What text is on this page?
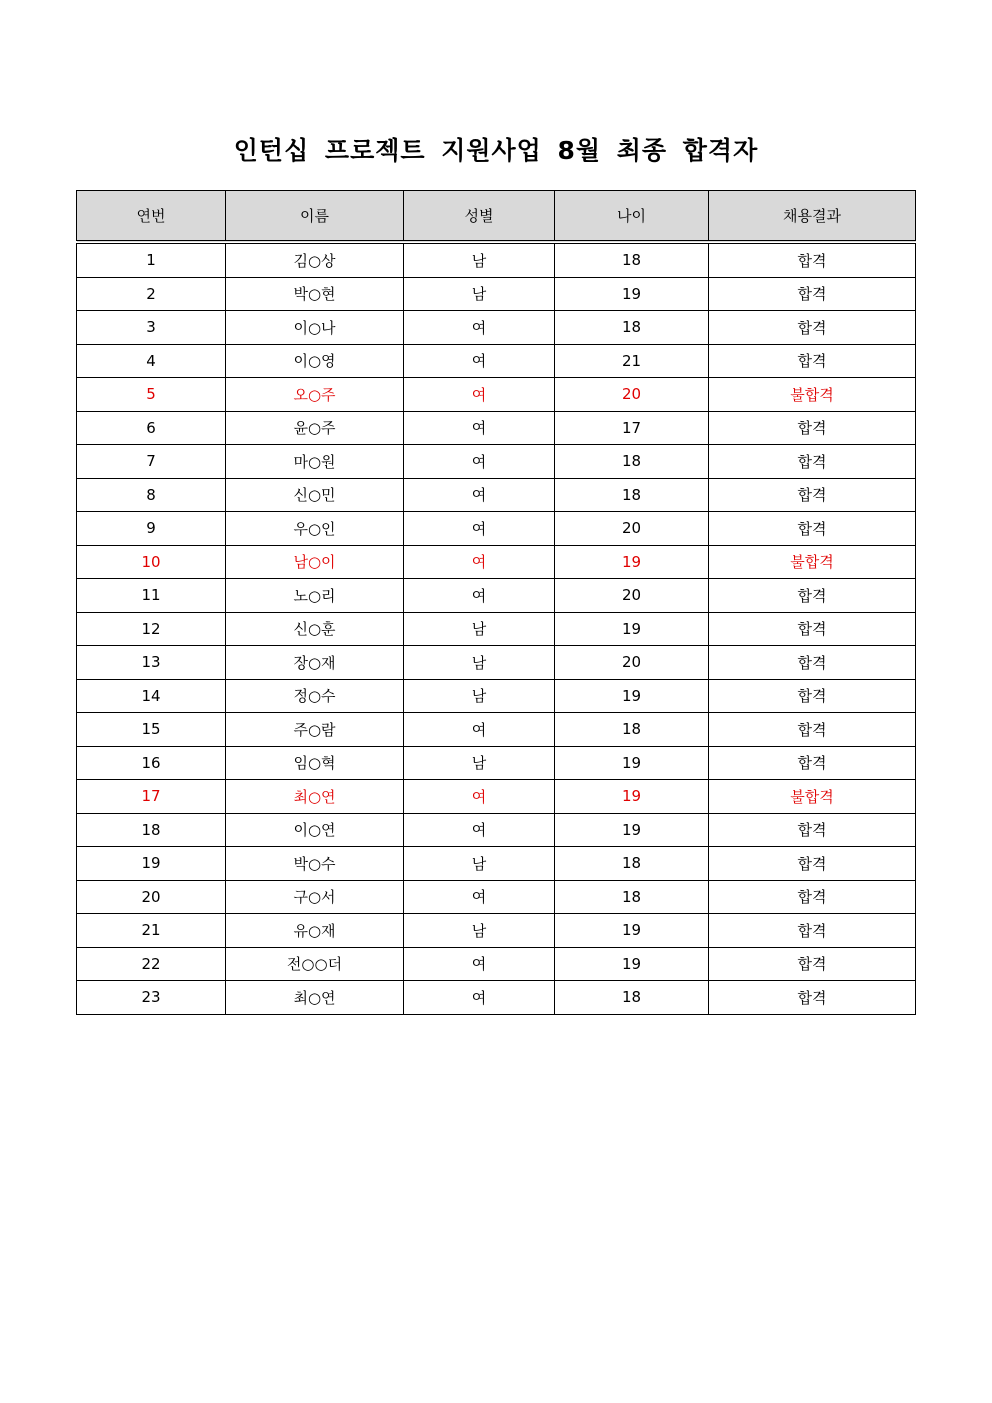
인턴십 프로젝트 지원사업 8월 최종 합격자
연번	이름	성별	나이	채용결과
1	김○상	남	18	합격
2	박○현	남	19	합격
3	이○나	여	18	합격
4	이○영	여	21	합격
5	오○주	여	20	불합격
6	윤○주	여	17	합격
7	마○원	여	18	합격
8	신○민	여	18	합격
9	우○인	여	20	합격
10	남○이	여	19	불합격
11	노○리	여	20	합격
12	신○훈	남	19	합격
13	장○재	남	20	합격
14	정○수	남	19	합격
15	주○람	여	18	합격
16	임○혁	남	19	합격
17	최○연	여	19	불합격
18	이○연	여	19	합격
19	박○수	남	18	합격
20	구○서	여	18	합격
21	유○재	남	19	합격
22	전○○더	여	19	합격
23	최○연	여	18	합격
